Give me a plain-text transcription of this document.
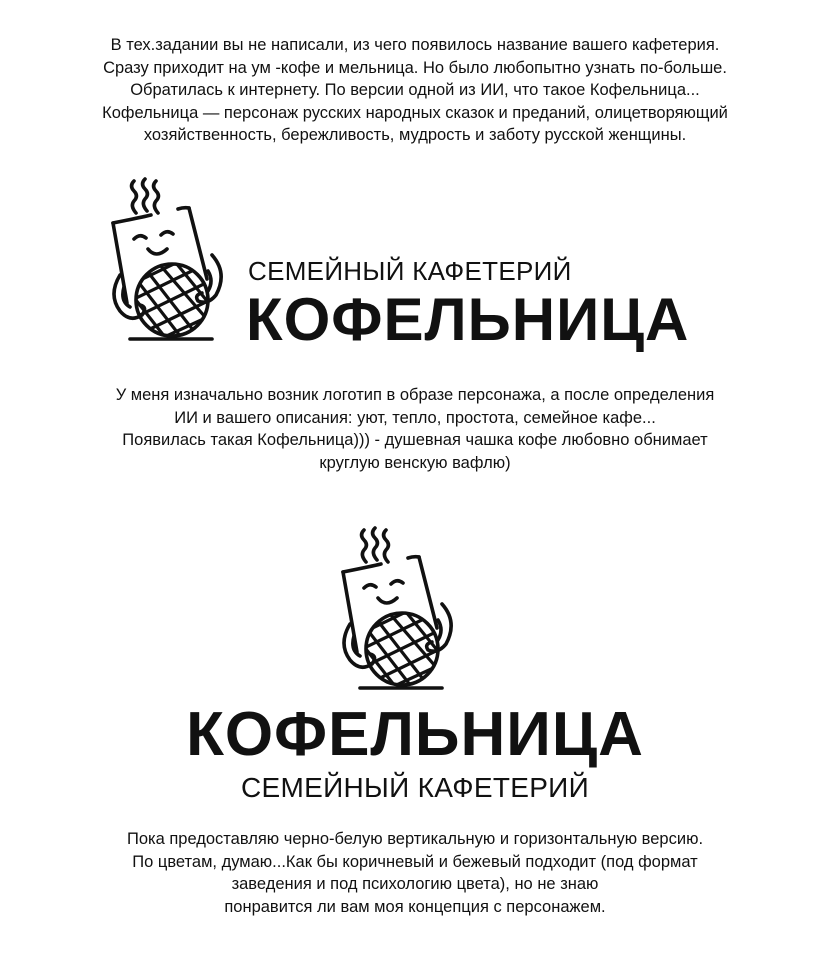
В тех.задании вы не написали, из чего появилось название вашего кафетерия.
Сразу приходит на ум -кофе и мельница. Но было любопытно узнать по-больше.
Обратилась к интернету. По версии одной из ИИ, что такое Кофельница...
Кофельница — персонаж русских народных сказок и преданий, олицетворяющий
хозяйственность, бережливость, мудрость и заботу русской женщины.
СЕМЕЙНЫЙ КАФЕТЕРИЙ
КОФЕЛЬНИЦА
У меня изначально возник логотип в образе персонажа, а после определения
ИИ и вашего описания: уют, тепло, простота, семейное кафе...
Появилась такая Кофельница))) - душевная чашка кофе любовно обнимает
круглую венскую вафлю)
КОФЕЛЬНИЦА
СЕМЕЙНЫЙ КАФЕТЕРИЙ
Пока предоставляю черно-белую вертикальную и горизонтальную версию.
По цветам, думаю...Как бы коричневый и бежевый подходит (под формат
заведения и под психологию цвета), но не знаю
понравится ли вам моя концепция с персонажем.
